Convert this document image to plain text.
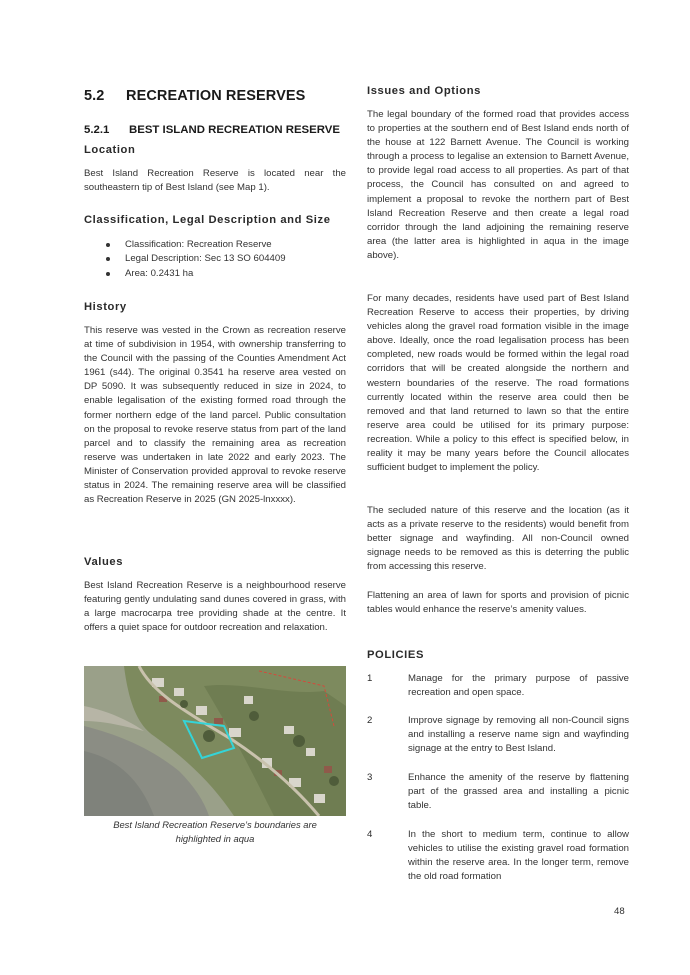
5.2 RECREATION RESERVES
5.2.1 BEST ISLAND RECREATION RESERVE
Location

Best Island Recreation Reserve is located near the southeastern tip of Best Island (see Map 1).

Classification, Legal Description and Size
Classification: Recreation Reserve
Legal Description: Sec 13 SO 604409
Area: 0.2431 ha
History

This reserve was vested in the Crown as recreation reserve at time of subdivision in 1954, with ownership transferring to the Council with the passing of the Counties Amendment Act 1961 (s44). The original 0.3541 ha reserve area vested on DP 5090. It was subsequently reduced in size in 2024, to enable legalisation of the existing formed road through the former northern edge of the land parcel. Public consultation on the proposal to revoke reserve status from part of the land parcel and to classify the remaining area as recreation reserve was undertaken in late 2022 and early 2023. The Minister of Conservation provided approval to revoke reserve status in 2024. The remaining reserve area will be classified as Recreation Reserve in 2025 (GN 2025-lnxxxx).

Values

Best Island Recreation Reserve is a neighbourhood reserve featuring gently undulating sand dunes covered in grass, with a large macrocarpa tree providing shade at the centre. It offers a quiet space for outdoor recreation and relaxation.

Best Island Recreation Reserve’s boundaries are
highlighted in aqua
Issues and Options

The legal boundary of the formed road that provides access to properties at the southern end of Best Island ends north of the house at 122 Barnett Avenue. The Council is working through a process to legalise an extension to Barnett Avenue, to provide legal road access to all properties. As part of that process, the Council has consulted on and agreed to implement a proposal to revoke the northern part of Best Island Recreation Reserve and then create a legal road corridor through the land adjoining the remaining reserve area (the latter area is highlighted in aqua in the image above).

For many decades, residents have used part of Best Island Recreation Reserve to access their properties, by driving vehicles along the gravel road formation visible in the image above. Ideally, once the road legalisation process has been completed, new roads would be formed within the legal road corridors that will be created alongside the northern and western boundaries of the reserve. The road formations currently located within the reserve area could then be removed and that land returned to lawn so that the entire reserve area could be utilised for its primary purpose: recreation. While a policy to this effect is specified below, in reality it may be many years before the Council allocates sufficient budget to implement the policy.

The secluded nature of this reserve and the location (as it acts as a private reserve to the residents) would benefit from better signage and wayfinding. All non-Council owned signage needs to be removed as this is deterring the public from accessing this reserve.

Flattening an area of lawn for sports and provision of picnic tables would enhance the reserve’s amenity values.

POLICIES
1	Manage for the primary purpose of passive recreation and open space.

2	Improve signage by removing all non-Council signs and installing a reserve name sign and wayfinding signage at the entry to Best Island.

3	Enhance the amenity of the reserve by flattening part of the grassed area and installing a picnic table.

4	In the short to medium term, continue to allow vehicles to utilise the existing gravel road formation within the reserve area. In the longer term, remove the old road formation

48
